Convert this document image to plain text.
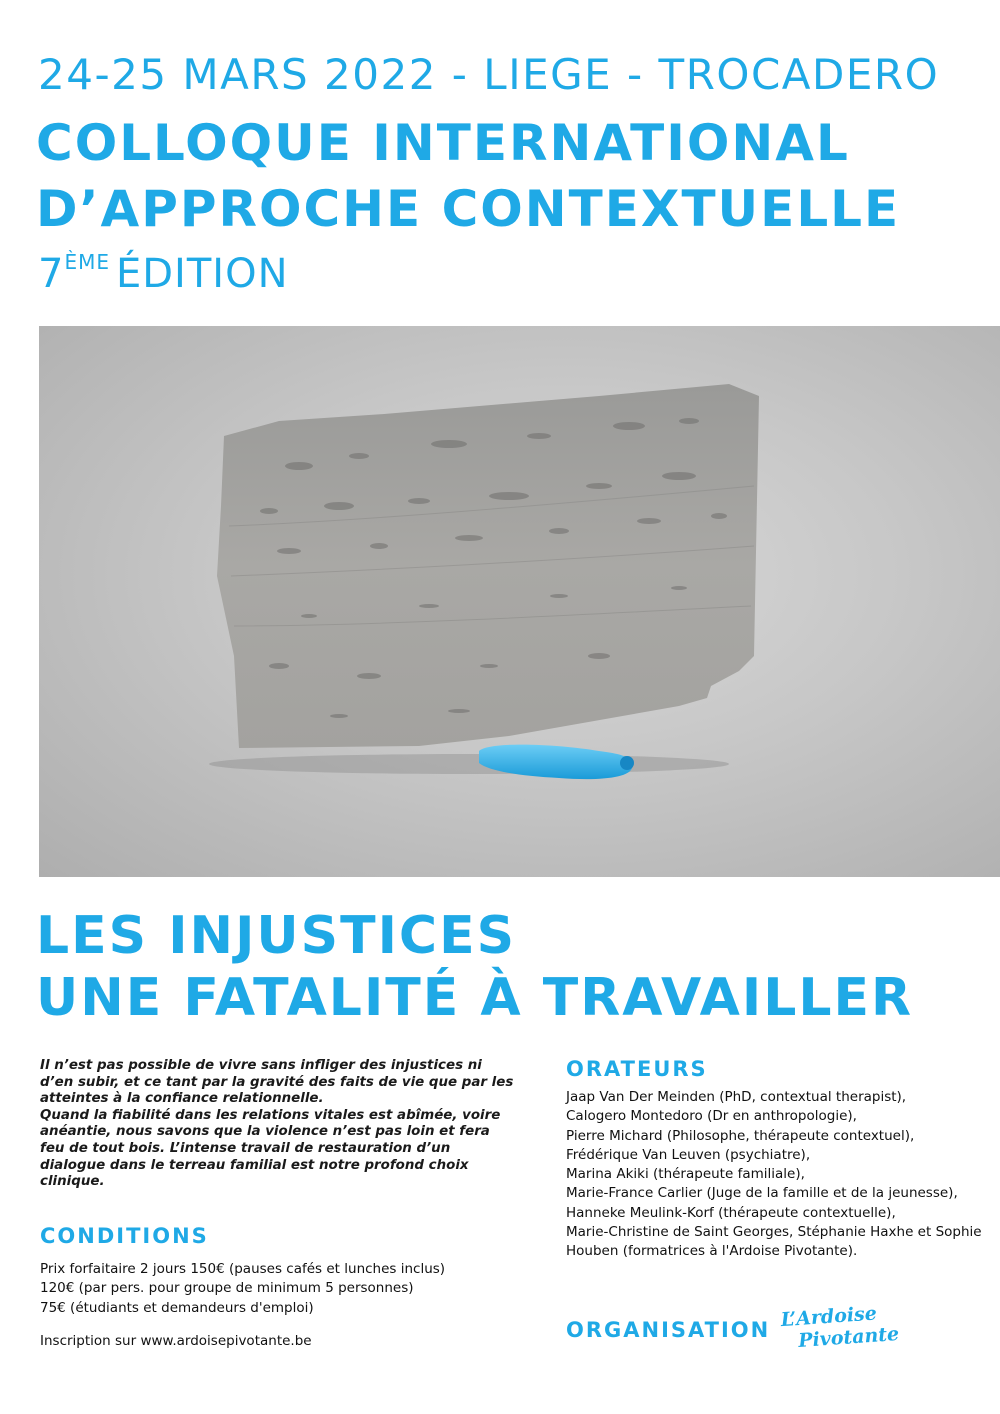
24-25 MARS 2022 - LIEGE - TROCADERO
COLLOQUE INTERNATIONAL
D’APPROCHE CONTEXTUELLE
7ÈME ÉDITION
LES INJUSTICES
UNE FATALITÉ À TRAVAILLER

Il n’est pas possible de vivre sans infliger des injustices ni d’en subir, et ce tant par la gravité des faits de vie que par les atteintes à la confiance relationnelle.

Quand la fiabilité dans les relations vitales est abîmée, voire anéantie, nous savons que la violence n’est pas loin et fera feu de tout bois. L’intense travail de restauration d’un dialogue dans le terreau familial est notre profond choix clinique.

CONDITIONS
Prix forfaitaire 2 jours 150€ (pauses cafés et lunches inclus)
120€ (par pers. pour groupe de minimum 5 personnes)
75€ (étudiants et demandeurs d'emploi)
Inscription sur www.ardoisepivotante.be
ORATEURS
Jaap Van Der Meinden (PhD, contextual therapist),
Calogero Montedoro (Dr en anthropologie),
Pierre Michard (Philosophe, thérapeute contextuel),
Frédérique Van Leuven (psychiatre),
Marina Akiki (thérapeute familiale),
Marie-France Carlier (Juge de la famille et de la jeunesse),
Hanneke Meulink-Korf (thérapeute contextuelle),
Marie-Christine de Saint Georges, Stéphanie Haxhe et Sophie Houben (formatrices à l'Ardoise Pivotante).
ORGANISATION L’Ardoise
Pivotante
